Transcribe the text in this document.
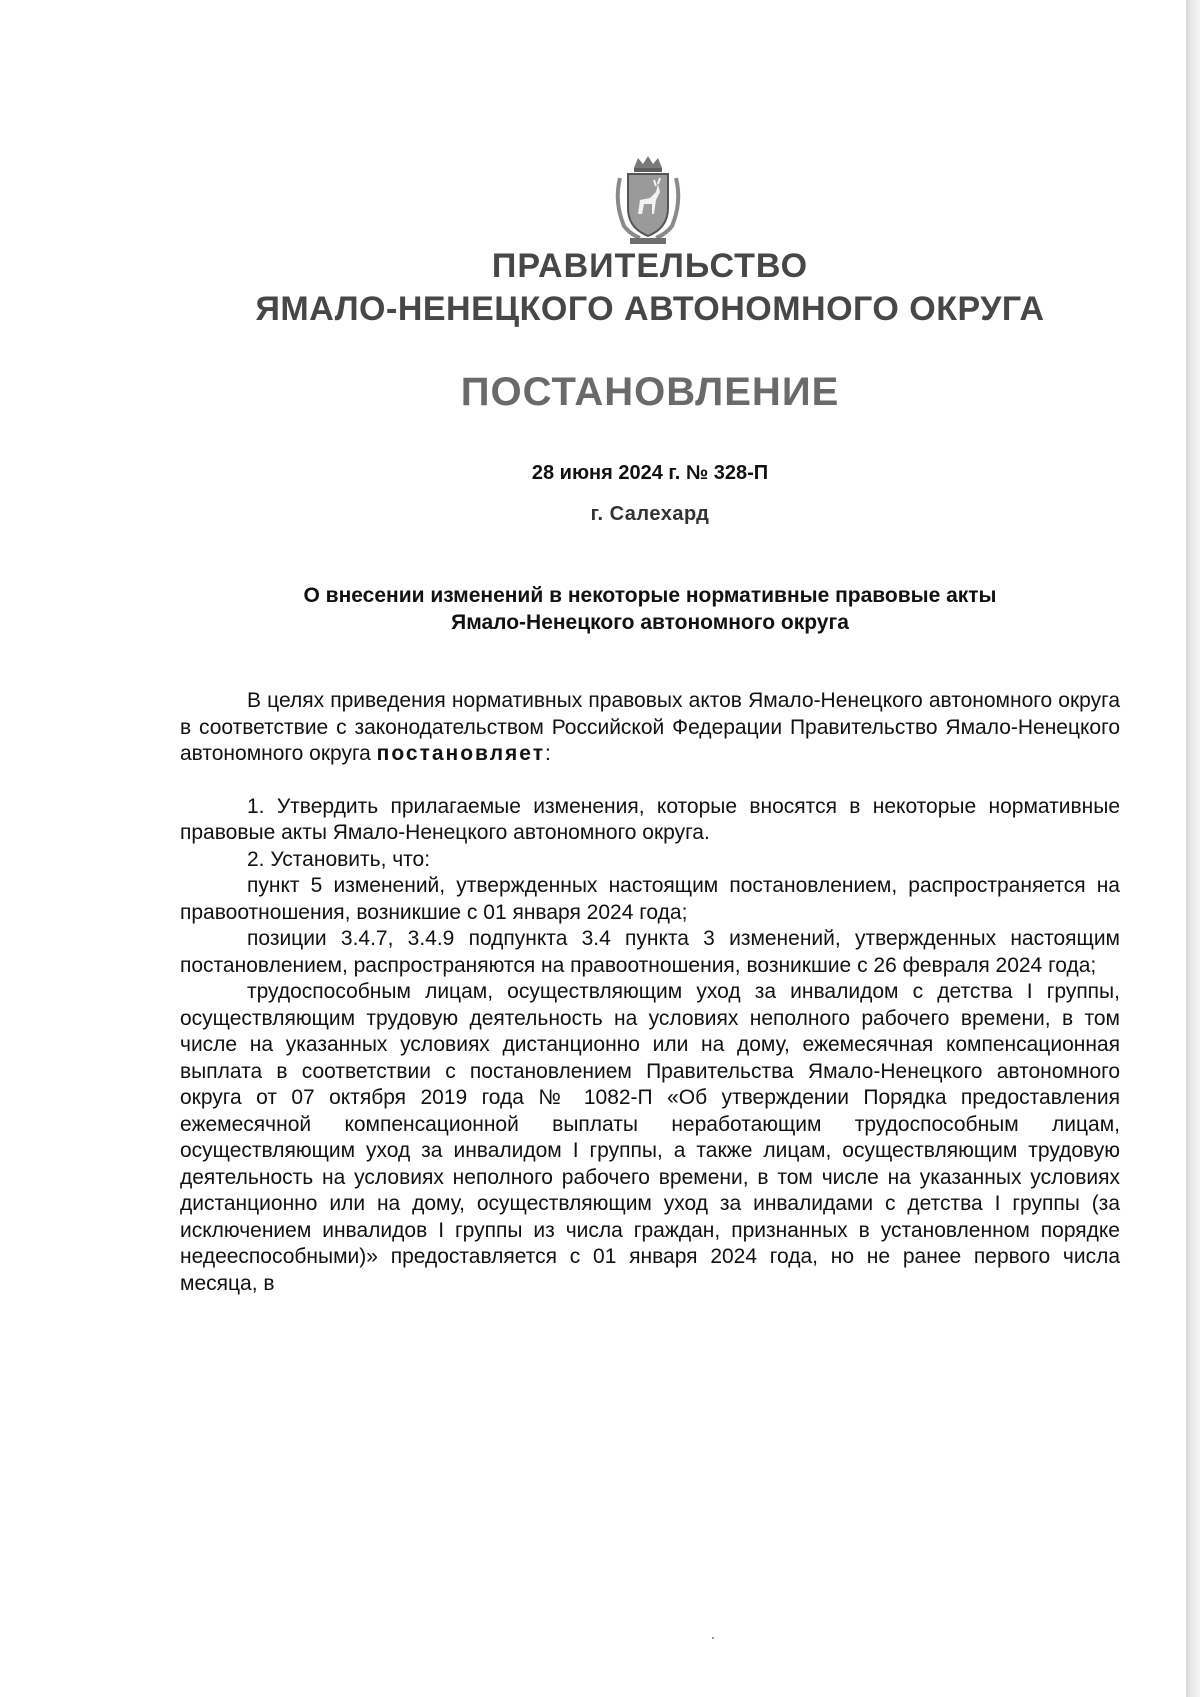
ПРАВИТЕЛЬСТВО
ЯМАЛО-НЕНЕЦКОГО АВТОНОМНОГО ОКРУГА
ПОСТАНОВЛЕНИЕ
28 июня 2024 г. № 328-П
г. Салехард
О внесении изменений в некоторые нормативные правовые акты
Ямало-Ненецкого автономного округа

В целях приведения нормативных правовых актов Ямало-Ненецкого автономного округа в соответствие с законодательством Российской Федерации Правительство Ямало-Ненецкого автономного округа постановляет:

1. Утвердить прилагаемые изменения, которые вносятся в некоторые нормативные правовые акты Ямало-Ненецкого автономного округа.

2. Установить, что:

пункт 5 изменений, утвержденных настоящим постановлением, распространяется на правоотношения, возникшие с 01 января 2024 года;

позиции 3.4.7, 3.4.9 подпункта 3.4 пункта 3 изменений, утвержденных настоящим постановлением, распространяются на правоотношения, возникшие с 26 февраля 2024 года;

трудоспособным лицам, осуществляющим уход за инвалидом с детства I группы, осуществляющим трудовую деятельность на условиях неполного рабочего времени, в том числе на указанных условиях дистанционно или на дому, ежемесячная компенсационная выплата в соответствии с постановлением Правительства Ямало-Ненецкого автономного округа от 07 октября 2019 года № 1082-П «Об утверждении Порядка предоставления ежемесячной компенсационной выплаты неработающим трудоспособным лицам, осуществляющим уход за инвалидом I группы, а также лицам, осуществляющим трудовую деятельность на условиях неполного рабочего времени, в том числе на указанных условиях дистанционно или на дому, осуществляющим уход за инвалидами с детства I группы (за исключением инвалидов I группы из числа граждан, признанных в установленном порядке недееспособными)» предоставляется с 01 января 2024 года, но не ранее первого числа месяца, в
